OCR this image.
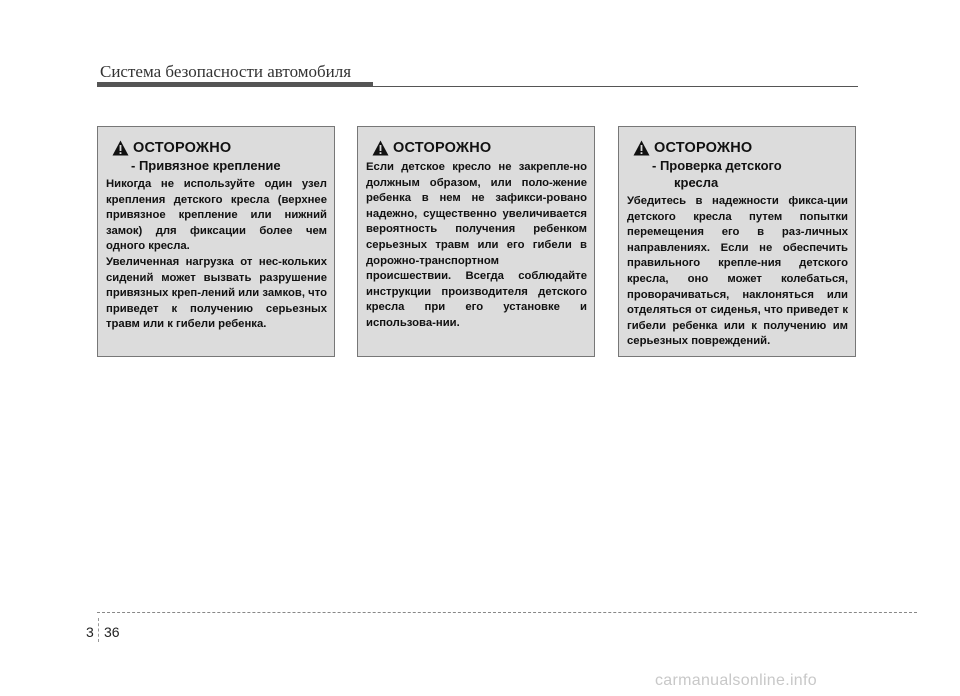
Система безопасности автомобиля
ОСТОРОЖНО
- Привязное крепление

Никогда не используйте один узел крепления детского кресла (верхнее привязное крепление или нижний замок) для фиксации более чем одного кресла.

Увеличенная нагрузка от нес-кольких сидений может вызвать разрушение привязных креп-лений или замков, что приведет к получению серьезных травм или к гибели ребенка.

ОСТОРОЖНО

Если детское кресло не закрепле-но должным образом, или поло-жение ребенка в нем не зафикси-ровано надежно, существенно увеличивается вероятность получения ребенком серьезных травм или его гибели в дорожно-транспортном происшествии. Всегда соблюдайте инструкции производителя детского кресла при его установке и использова-нии.

ОСТОРОЖНО
- Проверка детского
кресла

Убедитесь в надежности фикса-ции детского кресла путем попытки перемещения его в раз-личных направлениях. Если не обеспечить правильного крепле-ния детского кресла, оно может колебаться, проворачиваться, наклоняться или отделяться от сиденья, что приведет к гибели ребенка или к получению им серьезных повреждений.

3 36
carmanualsonline.info
